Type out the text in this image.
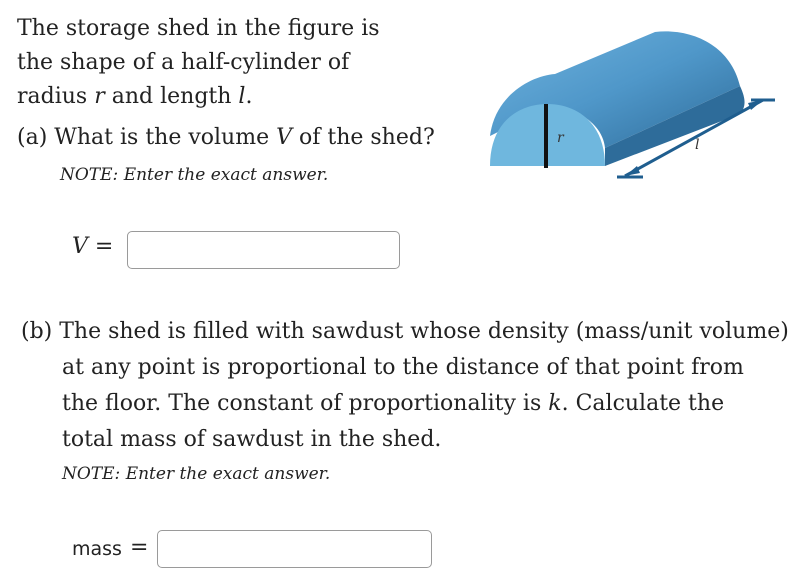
The storage shed in the figure is
the shape of a half-cylinder of
radius r and length l.
(a) What is the volume V of the shed?
NOTE: Enter the exact answer.
V =
r	l
(b) The shed is filled with sawdust whose density (mass/unit volume)
at any point is proportional to the distance of that point from
the floor. The constant of proportionality is k. Calculate the
total mass of sawdust in the shed.
NOTE: Enter the exact answer.
mass =
